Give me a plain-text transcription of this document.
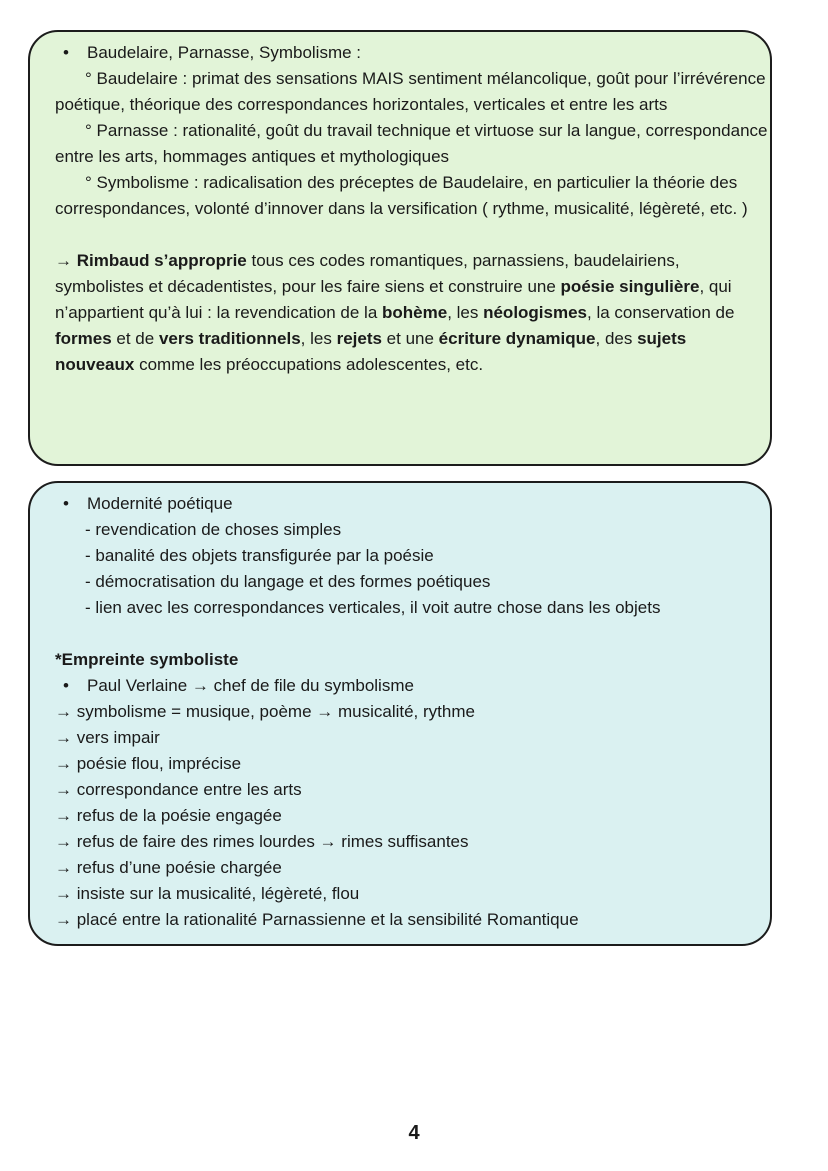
• Baudelaire, Parnasse, Symbolisme :
° Baudelaire : primat des sensations MAIS sentiment mélancolique, goût pour l’irrévérence poétique, théorique des correspondances horizontales, verticales et entre les arts
° Parnasse : rationalité, goût du travail technique et virtuose sur la langue, correspondance entre les arts, hommages antiques et mythologiques
° Symbolisme : radicalisation des préceptes de Baudelaire, en particulier la théorie des correspondances, volonté d’innover dans la versification ( rythme, musicalité, légèreté, etc. )
→ Rimbaud s’approprie tous ces codes romantiques, parnassiens, baudelairiens, symbolistes et décadentistes, pour les faire siens et construire une poésie singulière, qui n’appartient qu’à lui : la revendication de la bohème, les néologismes, la conservation de formes et de vers traditionnels, les rejets et une écriture dynamique, des sujets nouveaux comme les préoccupations adolescentes, etc.
• Modernité poétique
- revendication de choses simples
- banalité des objets transfigurée par la poésie
- démocratisation du langage et des formes poétiques
- lien avec les correspondances verticales, il voit autre chose dans les objets
*Empreinte symboliste
• Paul Verlaine → chef de file du symbolisme
→ symbolisme = musique, poème → musicalité, rythme
→ vers impair
→ poésie flou, imprécise
→ correspondance entre les arts
→ refus de la poésie engagée
→ refus de faire des rimes lourdes → rimes suffisantes
→ refus d’une poésie chargée
→ insiste sur la musicalité, légèreté, flou
→ placé entre la rationalité Parnassienne et la sensibilité Romantique
4
